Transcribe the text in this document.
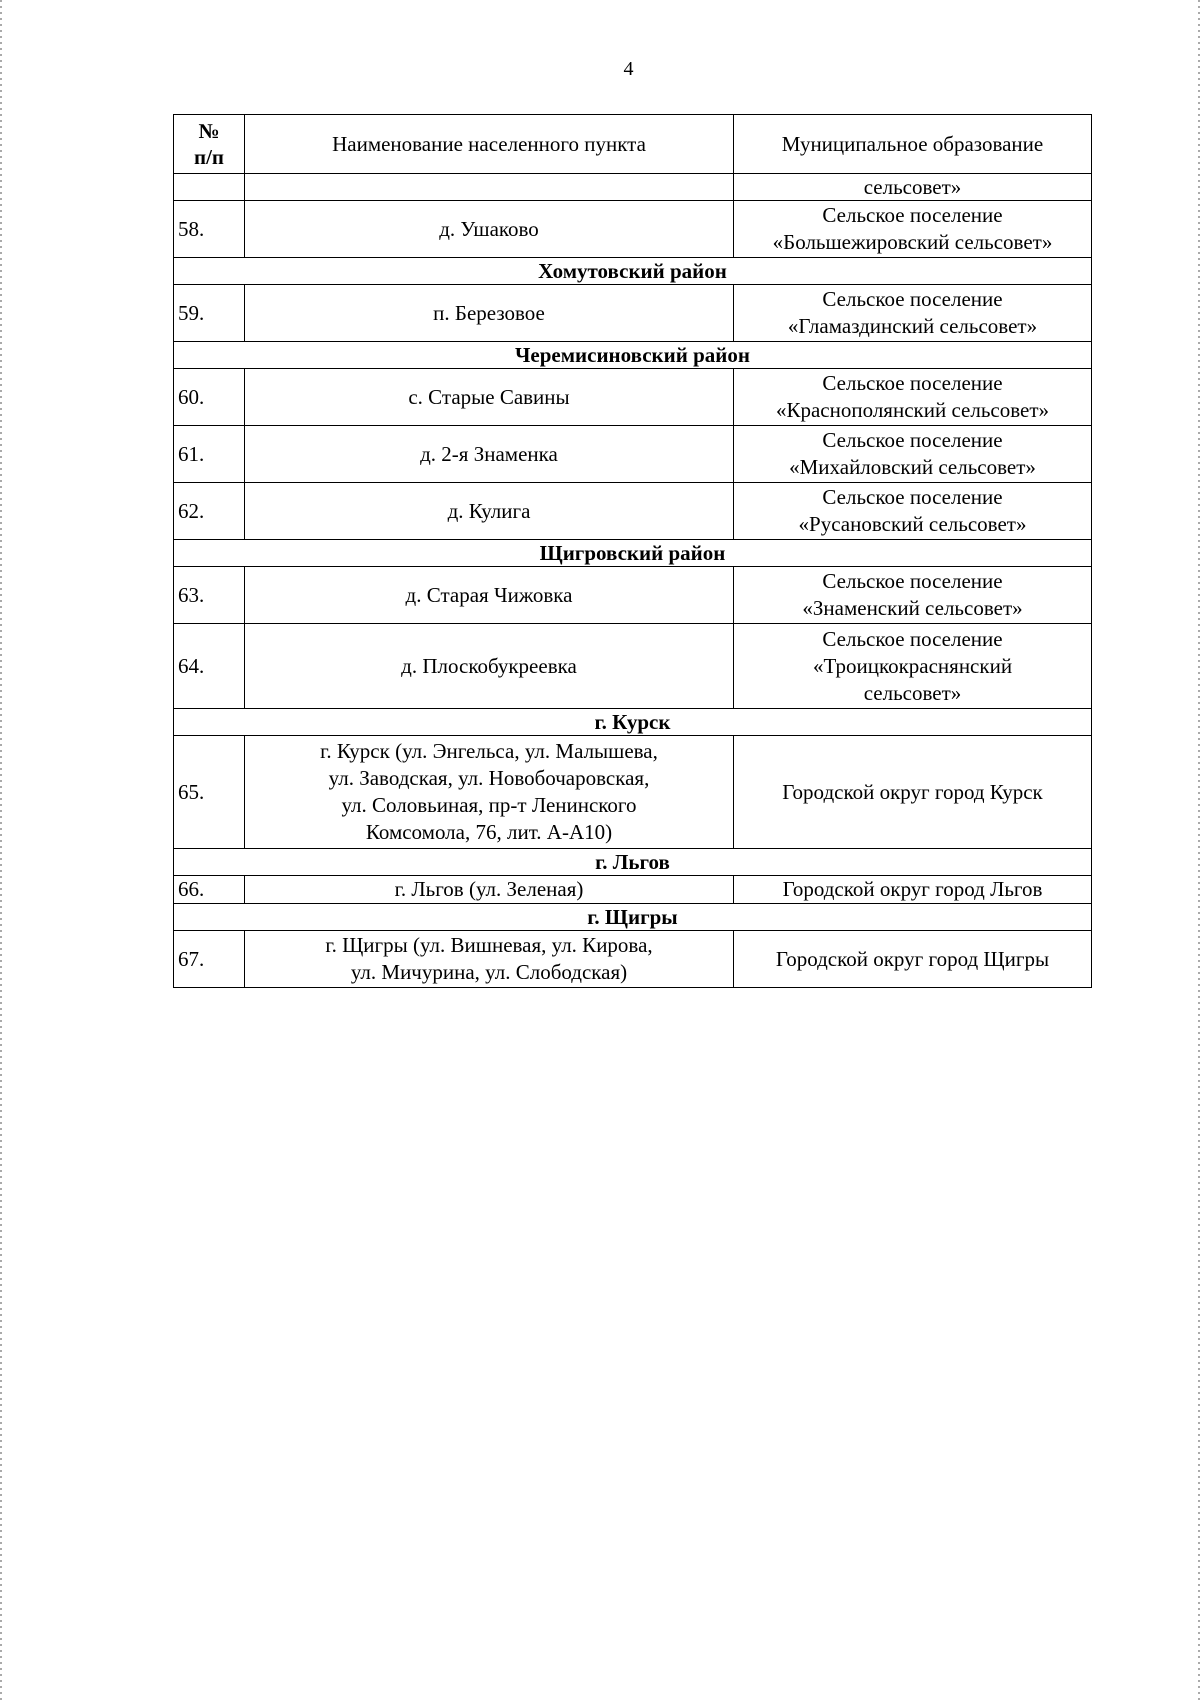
4
№
п/п	Наименование населенного пункта	Муниципальное образование
		сельсовет»
58.	д. Ушаково	Сельское поселение
«Большежировский сельсовет»

Хомутовский район		
59.	п. Березовое	Сельское поселение
«Гламаздинский сельсовет»

Черемисиновский район		
60.	с. Старые Савины	Сельское поселение
«Краснополянский сельсовет»

61.	д. 2-я Знаменка	Сельское поселение
«Михайловский сельсовет»

62.	д. Кулига	Сельское поселение
«Русановский сельсовет»

Щигровский район		
63.	д. Старая Чижовка	Сельское поселение
«Знаменский сельсовет»

64.	д. Плоскобукреевка	Сельское поселение
«Троицкокраснянский
сельсовет»

г. Курск		
65.	г. Курск (ул. Энгельса, ул. Малышева,
ул. Заводская, ул. Новобочаровская,
ул. Соловьиная, пр-т Ленинского
Комсомола, 76, лит. А-А10)	Городской округ город Курск

г. Льгов		
66.	г. Льгов (ул. Зеленая)	Городской округ город Льгов

г. Щигры		
67.	г. Щигры (ул. Вишневая, ул. Кирова,
ул. Мичурина, ул. Слободская)	Городской округ город Щигры
